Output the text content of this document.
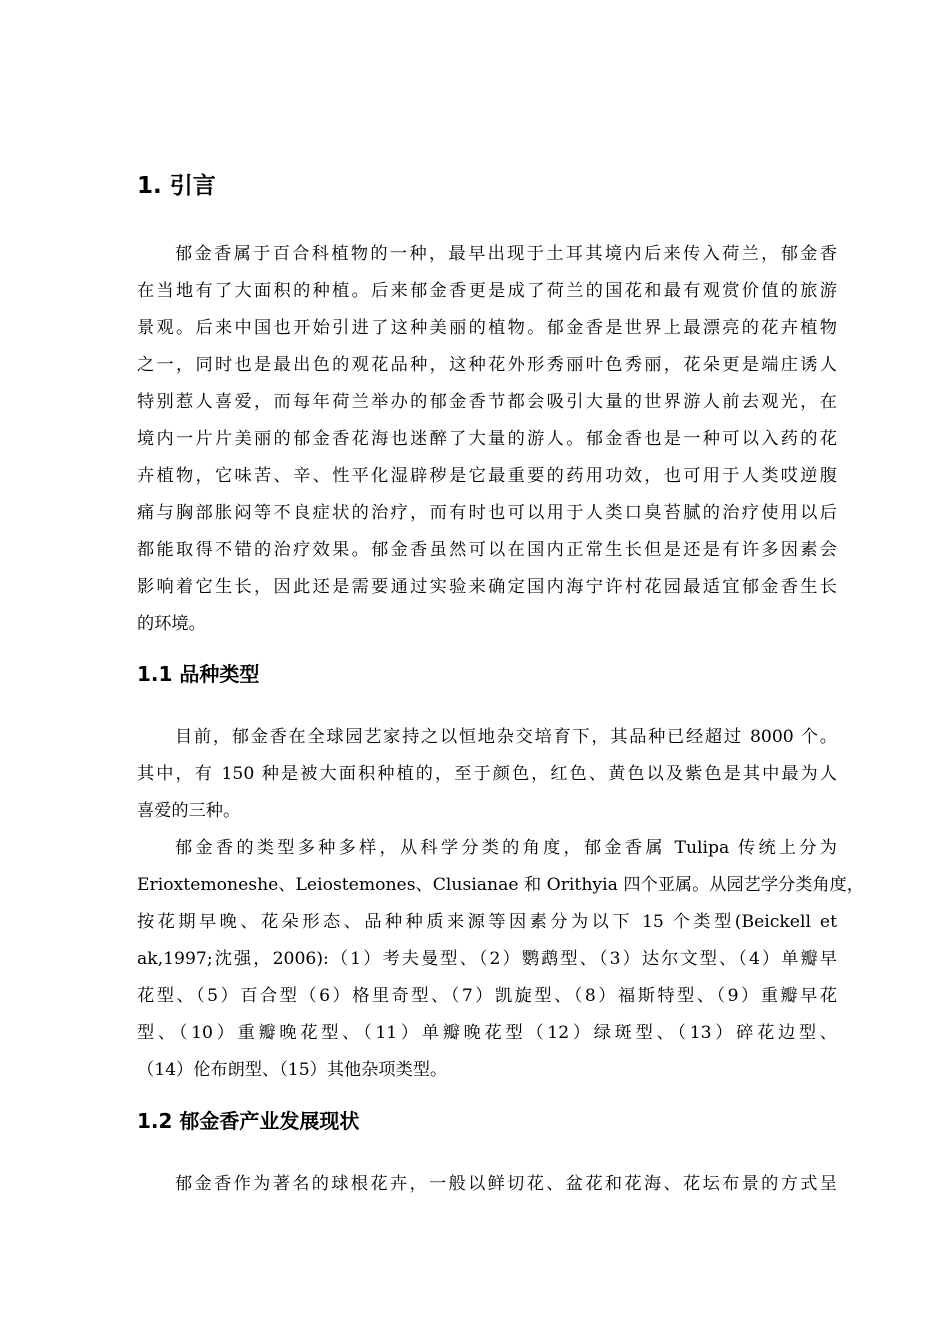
1. 引言
郁金香属于百合科植物的一种，最早出现于土耳其境内后来传入荷兰，郁金香
在当地有了大面积的种植。后来郁金香更是成了荷兰的国花和最有观赏价值的旅游
景观。后来中国也开始引进了这种美丽的植物。郁金香是世界上最漂亮的花卉植物
之一，同时也是最出色的观花品种，这种花外形秀丽叶色秀丽，花朵更是端庄诱人
特别惹人喜爱，而每年荷兰举办的郁金香节都会吸引大量的世界游人前去观光，在
境内一片片美丽的郁金香花海也迷醉了大量的游人。郁金香也是一种可以入药的花
卉植物，它味苦、辛、性平化湿辟秽是它最重要的药用功效，也可用于人类哎逆腹
痛与胸部胀闷等不良症状的治疗，而有时也可以用于人类口臭苔腻的治疗使用以后
都能取得不错的治疗效果。郁金香虽然可以在国内正常生长但是还是有许多因素会
影响着它生长，因此还是需要通过实验来确定国内海宁许村花园最适宜郁金香生长
的环境。
1.1 品种类型
目前，郁金香在全球园艺家持之以恒地杂交培育下，其品种已经超过 8000 个。
其中，有 150 种是被大面积种植的，至于颜色，红色、黄色以及紫色是其中最为人
喜爱的三种。
郁金香的类型多种多样，从科学分类的角度，郁金香属 Tulipa 传统上分为
Erioxtemoneshe、Leiostemones、Clusianae 和 Orithyia 四个亚属。从园艺学分类角度，
按花期早晚、花朵形态、品种种质来源等因素分为以下 15 个类型(Beickell et
ak,1997;沈强，2006):（1）考夫曼型、（2）鹦鹉型、（3）达尔文型、（4）单瓣早
花型、（5）百合型（6）格里奇型、（7）凯旋型、（8）福斯特型、（9）重瓣早花
型、（10）重瓣晚花型、（11）单瓣晚花型（12）绿斑型、（13）碎花边型、
（14）伦布朗型、（15）其他杂项类型。
1.2 郁金香产业发展现状
郁金香作为著名的球根花卉，一般以鲜切花、盆花和花海、花坛布景的方式呈
